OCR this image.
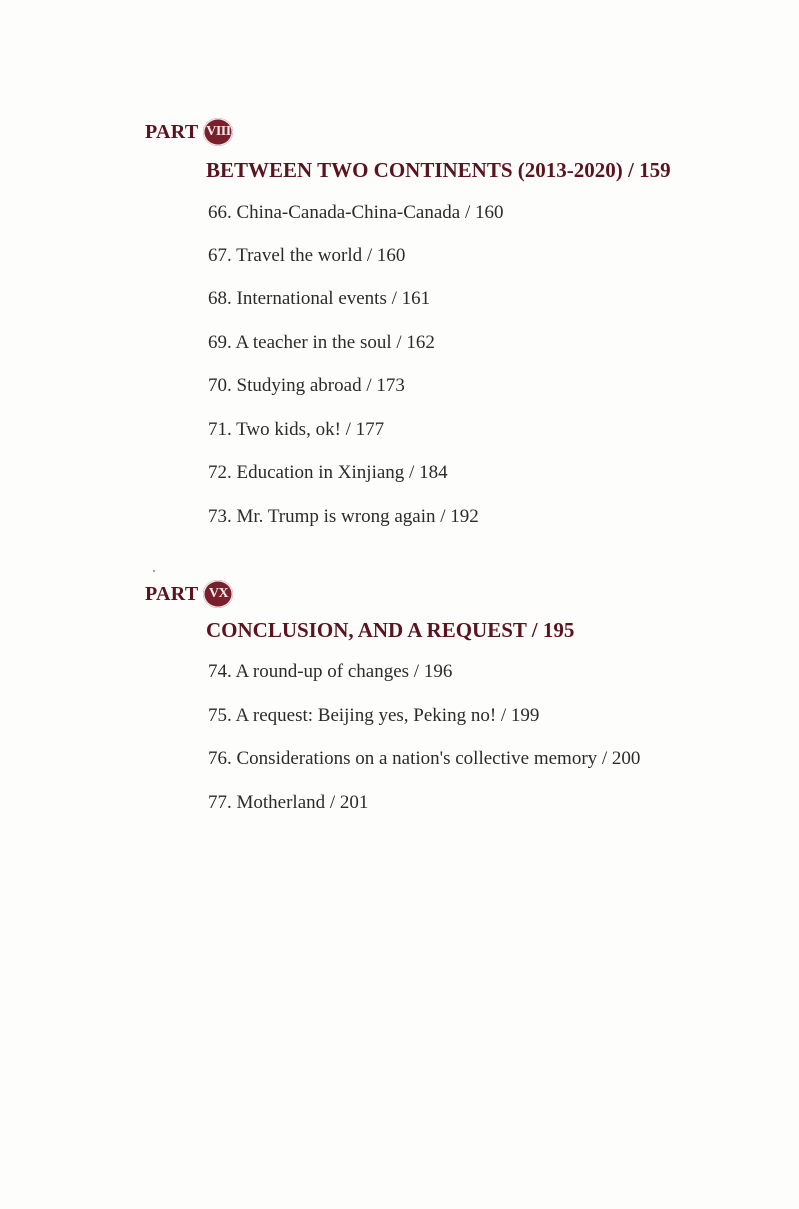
PART VIII
BETWEEN TWO CONTINENTS (2013-2020) / 159
66. China-Canada-China-Canada / 160
67. Travel the world / 160
68. International events / 161
69. A teacher in the soul / 162
70. Studying abroad / 173
71. Two kids, ok! / 177
72. Education in Xinjiang / 184
73. Mr. Trump is wrong again / 192
PART VX
CONCLUSION, AND A REQUEST / 195
74. A round-up of changes / 196
75. A request: Beijing yes, Peking no! / 199
76. Considerations on a nation's collective memory / 200
77. Motherland / 201
